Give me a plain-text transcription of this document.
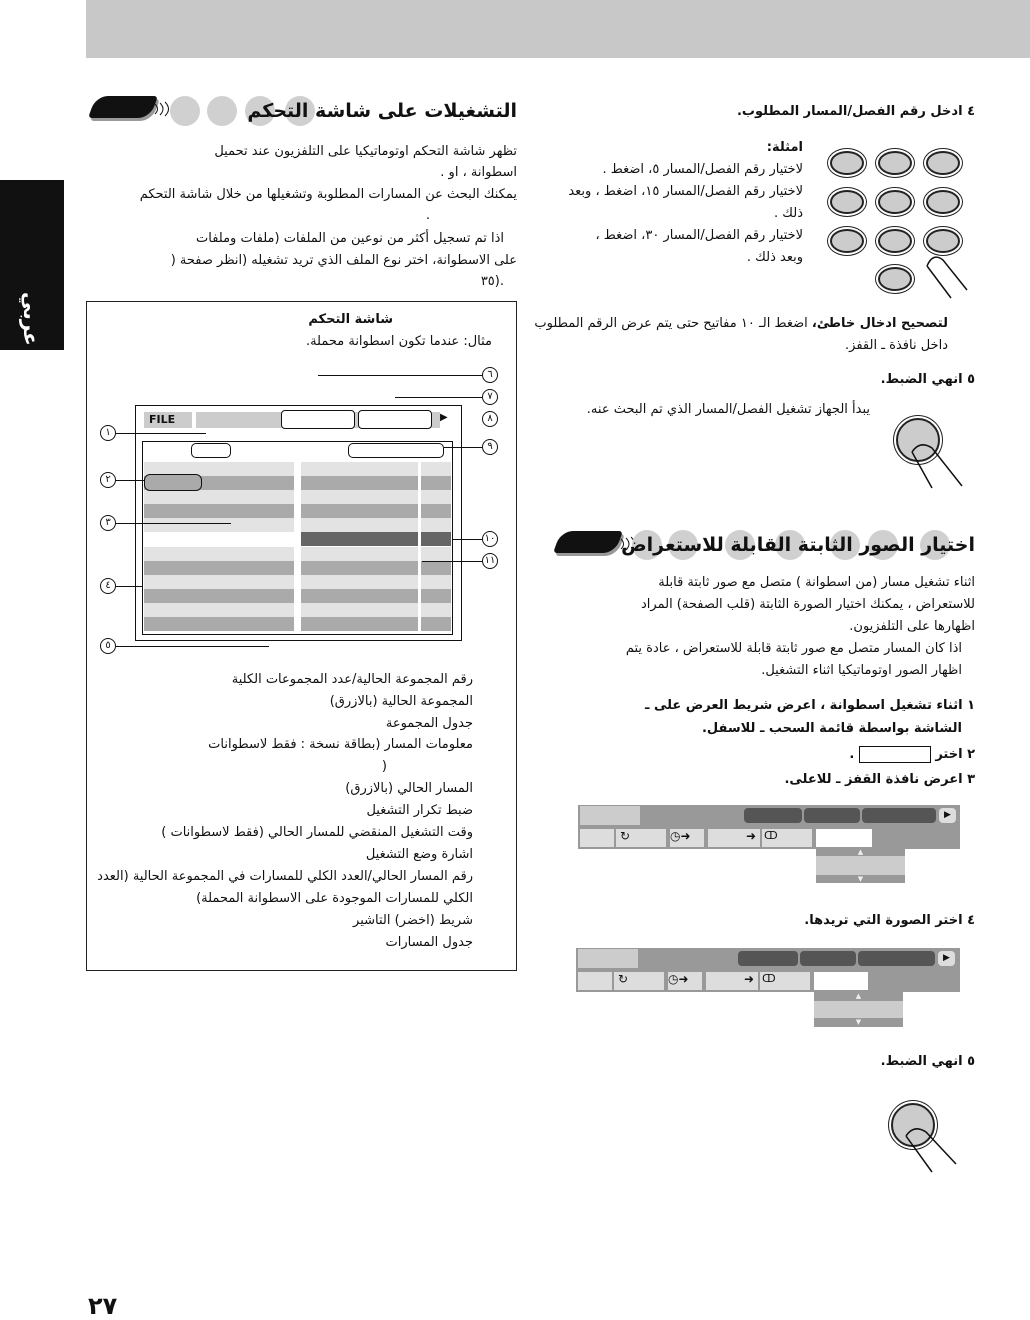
عربي
٢٧
التشغيلات على شاشة التحكم
تظهر شاشة التحكم اوتوماتيكيا على التلفزيون عند تحميل
اسطوانة ، او .
يمكنك البحث عن المسارات المطلوبة وتشغيلها من خلال شاشة التحكم
.
اذا تم تسجيل أكثر من نوعين من الملفات (ملفات وملفات
على الاسطوانة، اختر نوع الملف الذي تريد تشغيله (انظر صفحة (
.(٣٥
شاشة التحكم
مثال: عندما تكون اسطوانة محملة.
FILE	▶
١
٢
٣
٤
٥
٦
٧
٨
٩
١٠
١١
رقم المجموعة الحالية/عدد المجموعات الكلية
المجموعة الحالية (بالازرق)
جدول المجموعة
معلومات المسار (بطاقة نسخة : فقط لاسطوانات
(
المسار الحالي (بالازرق)
ضبط تكرار التشغيل
وقت التشغيل المنقضي للمسار الحالي (فقط لاسطوانات )
اشارة وضع التشغيل
رقم المسار الحالي/العدد الكلي للمسارات في المجموعة الحالية (العدد
الكلي للمسارات الموجودة على الاسطوانة المحملة)
شريط (اخضر) التاشير
جدول المسارات
٤ ادخل رقم الفصل/المسار المطلوب.
امثلة:
لاختيار رقم الفصل/المسار ٥، اضغط .
لاختيار رقم الفصل/المسار ١٥، اضغط ، وبعد
ذلك .
لاختيار رقم الفصل/المسار ٣٠، اضغط ،
وبعد ذلك .
لتصحيح ادخال خاطئ، اضغط الـ ١٠ مفاتيح حتى يتم عرض الرقم المطلوب
داخل نافذة ـ القفز.
٥ انهي الضبط.
يبدأ الجهاز تشغيل الفصل/المسار الذي تم البحث عنه.
اختيار الصور الثابتة القابلة للاستعراض
اثناء تشغيل مسار (من اسطوانة ) متصل مع صور ثابتة قابلة
للاستعراض ، يمكنك اختيار الصورة الثابتة (قلب الصفحة) المراد
اظهارها على التلفزيون.
اذا كان المسار متصل مع صور ثابتة قابلة للاستعراض ، عادة يتم
اظهار الصور اوتوماتيكيا اثناء التشغيل.
١ اثناء تشغيل اسطوانة ، اعرض شريط العرض على ـ
الشاشة بواسطة قائمة السحب ـ للاسفل.
٢ اختر  .
٣ اعرض نافذة القفز ـ للاعلى.
▶
↻	◷➜	➜ ↀ
▲
▼
٤ اختر الصورة التي تريدها.
▶
↻	◷➜	➜ ↀ
▲
▼
٥ انهي الضبط.
